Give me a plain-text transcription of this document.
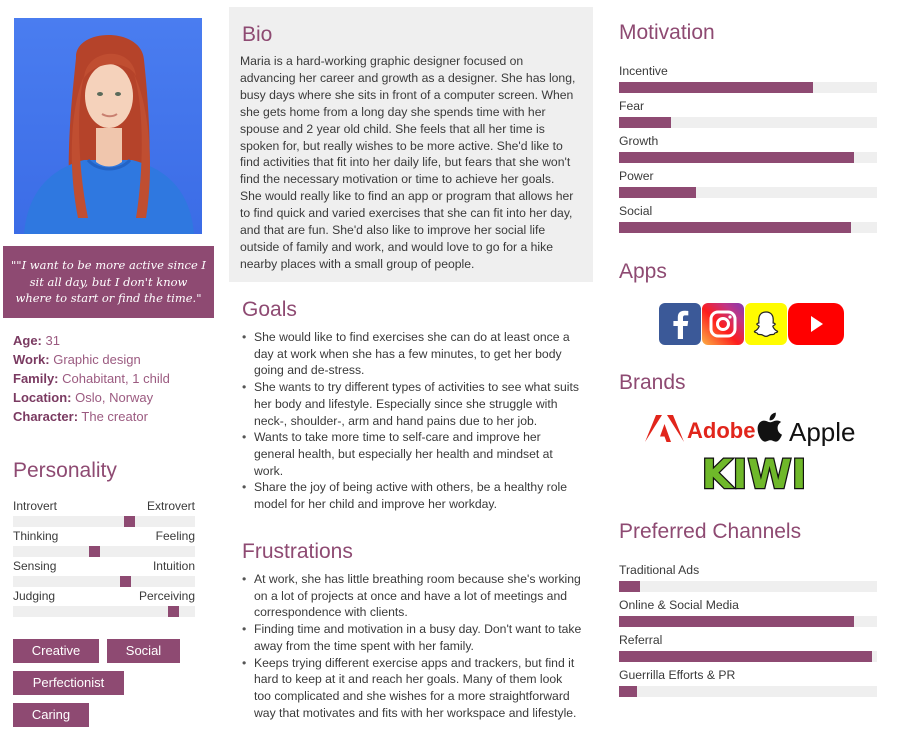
""I want to be more active since I sit all day, but I don't know where to start or find the time."
Age: 31
Work: Graphic design
Family: Cohabitant, 1 child
Location: Oslo, Norway
Character: The creator
Personality
Introvert	Extrovert
Thinking	Feeling
Sensing	Intuition
Judging	Perceiving
Creative	Social
Perfectionist
Caring
Bio

Maria is a hard-working graphic designer focused on advancing her career and growth as a designer. She has long, busy days where she sits in front of a computer screen. When she gets home from a long day she spends time with her spouse and 2 year old child. She feels that all her time is spoken for, but really wishes to be more active. She'd like to find activities that fit into her daily life, but fears that she won't find the necessary motivation or time to achieve her goals.

She would really like to find an app or program that allows her to find quick and varied exercises that she can fit into her day, and that are fun. She'd also like to improve her social life outside of family and work, and would love to go for a hike nearby places with a small group of people.

Goals
• She would like to find exercises she can do at least once a day at work when she has a few minutes, to get her body going and de-stress.
• She wants to try different types of activities to see what suits her body and lifestyle. Especially since she struggle with neck-, shoulder-, arm and hand pains due to her job.
• Wants to take more time to self-care and improve her general health, but especially her health and mindset at work.
• Share the joy of being active with others, be a healthy role model for her child and improve her workday.
Frustrations
• At work, she has little breathing room because she's working on a lot of projects at once and have a lot of meetings and correspondence with clients.
• Finding time and motivation in a busy day. Don't want to take away from the time spent with her family.
• Keeps trying different exercise apps and trackers, but find it hard to keep at it and reach her goals. Many of them look too complicated and she wishes for a more straightforward way that motivates and fits with her workspace and lifestyle.
Motivation
Incentive
Fear
Growth
Power
Social
Apps
Brands
Adobe Apple
KIWI
Preferred Channels
Traditional Ads
Online & Social Media
Referral
Guerrilla Efforts & PR
